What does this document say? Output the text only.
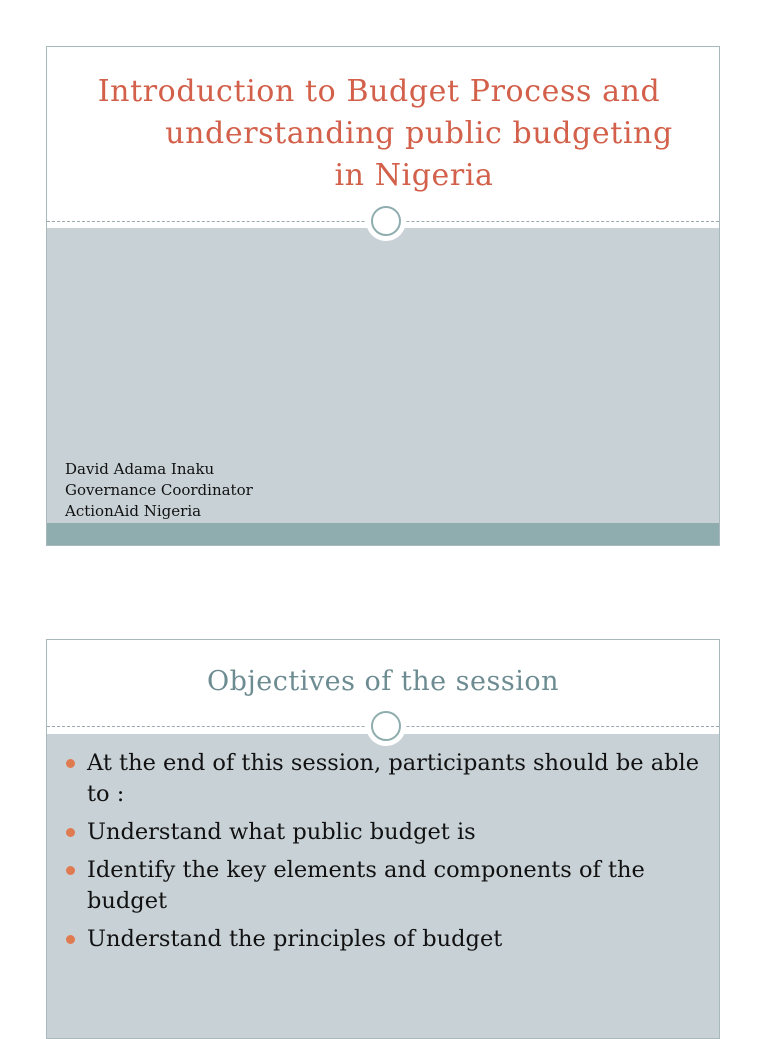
Introduction to Budget Process and
understanding public budgeting
in Nigeria
David Adama Inaku
Governance Coordinator
ActionAid Nigeria
Objectives of the session
At the end of this session, participants should be able to :
Understand what public budget is
Identify the key elements and components of the budget
Understand the principles of budget
